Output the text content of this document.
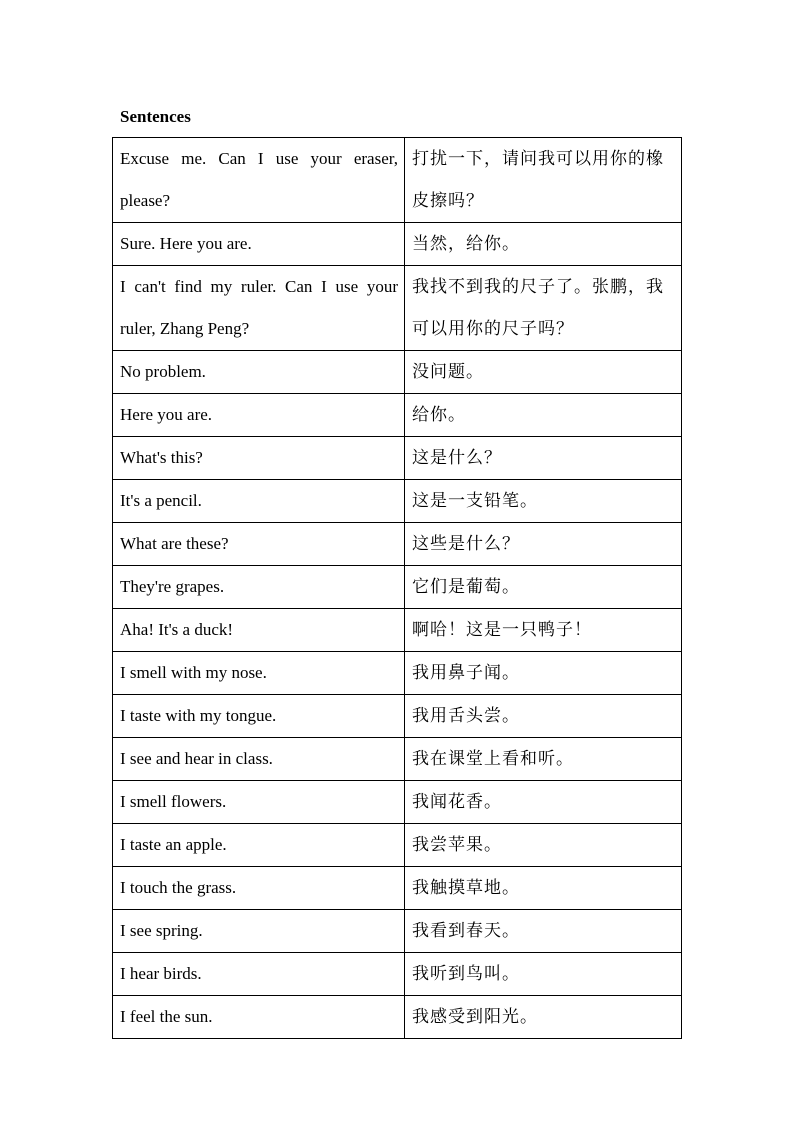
Sentences
Excuse me. Can I use your eraser, please?	打扰一下，请问我可以用你的橡皮擦吗？
Sure. Here you are.	当然，给你。
I can't find my ruler. Can I use your ruler, Zhang Peng?	我找不到我的尺子了。张鹏，我可以用你的尺子吗？
No problem.	没问题。
Here you are.	给你。
What's this?	这是什么？
It's a pencil.	这是一支铅笔。
What are these?	这些是什么？
They're grapes.	它们是葡萄。
Aha! It's a duck!	啊哈！这是一只鸭子！
I smell with my nose.	我用鼻子闻。
I taste with my tongue.	我用舌头尝。
I see and hear in class.	我在课堂上看和听。
I smell flowers.	我闻花香。
I taste an apple.	我尝苹果。
I touch the grass.	我触摸草地。
I see spring.	我看到春天。
I hear birds.	我听到鸟叫。
I feel the sun.	我感受到阳光。
